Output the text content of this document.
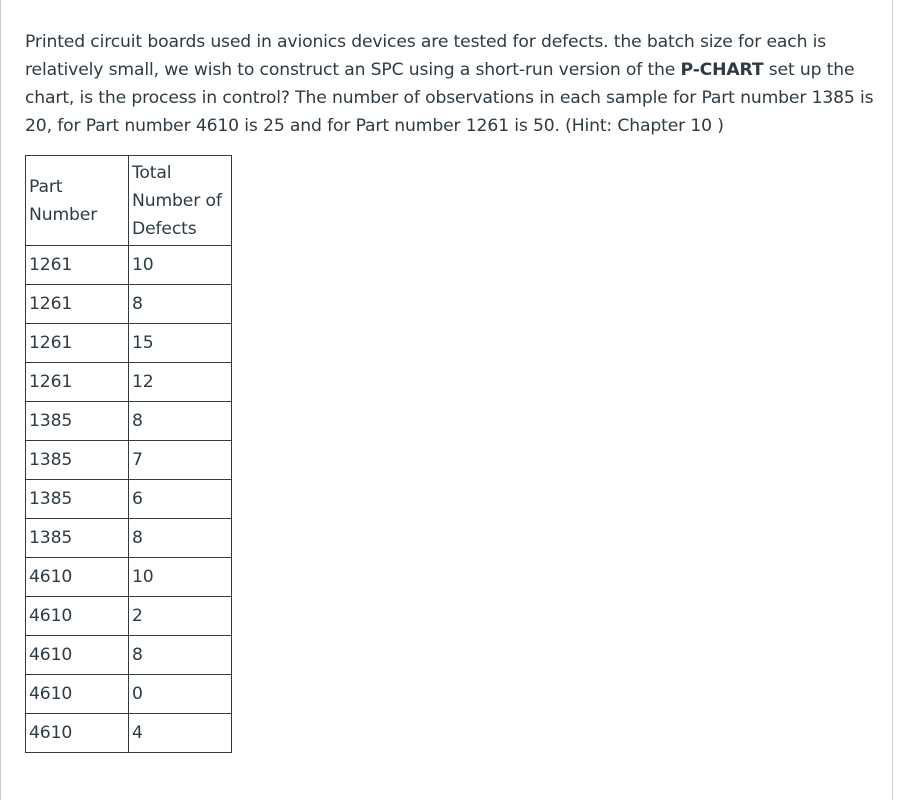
Printed circuit boards used in avionics devices are tested for defects. the batch size for each is relatively small, we wish to construct an SPC using a short-run version of the P-CHART set up the chart, is the process in control? The number of observations in each sample for Part number 1385 is 20, for Part number 4610 is 25 and for Part number 1261 is 50. (Hint: Chapter 10 )
Part Number	Total Number of Defects
1261	10
1261	8
1261	15
1261	12
1385	8
1385	7
1385	6
1385	8
4610	10
4610	2
4610	8
4610	0
4610	4
